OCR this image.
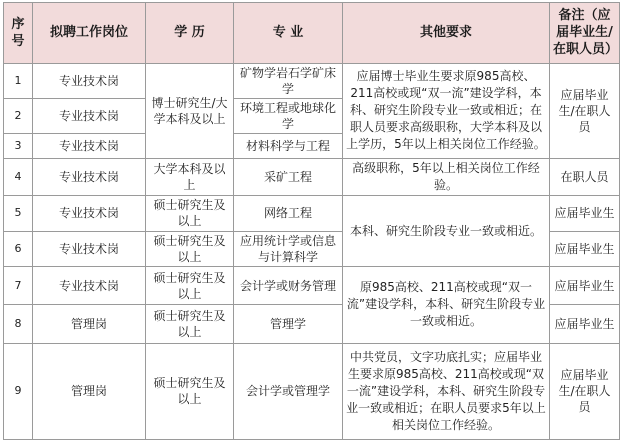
序号	拟聘工作岗位	学 历	专 业	其他要求	备注（应届毕业生/在职人员）
1	专业技术岗	博士研究生/大学本科及以上	矿物学岩石学矿床学	应届博士毕业生要求原985高校、211高校或现“双一流”建设学科，本科、研究生阶段专业一致或相近；在职人员要求高级职称，大学本科及以上学历，5年以上相关岗位工作经验。	应届毕业生/在职人员
2	专业技术岗		环境工程或地球化学		
3	专业技术岗		材料科学与工程		
4	专业技术岗	大学本科及以上	采矿工程	高级职称，5年以上相关岗位工作经验。	在职人员
5	专业技术岗	硕士研究生及以上	网络工程	本科、研究生阶段专业一致或相近。	应届毕业生
6	专业技术岗	硕士研究生及以上	应用统计学或信息与计算科学		应届毕业生
7	专业技术岗	硕士研究生及以上	会计学或财务管理	原985高校、211高校或现“双一流”建设学科，本科、研究生阶段专业一致或相近。	应届毕业生
8	管理岗	硕士研究生及以上	管理学		应届毕业生
9	管理岗	硕士研究生及以上	会计学或管理学	中共党员，文字功底扎实；应届毕业生要求原985高校、211高校或现“双一流”建设学科，本科、研究生阶段专业一致或相近；在职人员要求5年以上相关岗位工作经验。	应届毕业生/在职人员
